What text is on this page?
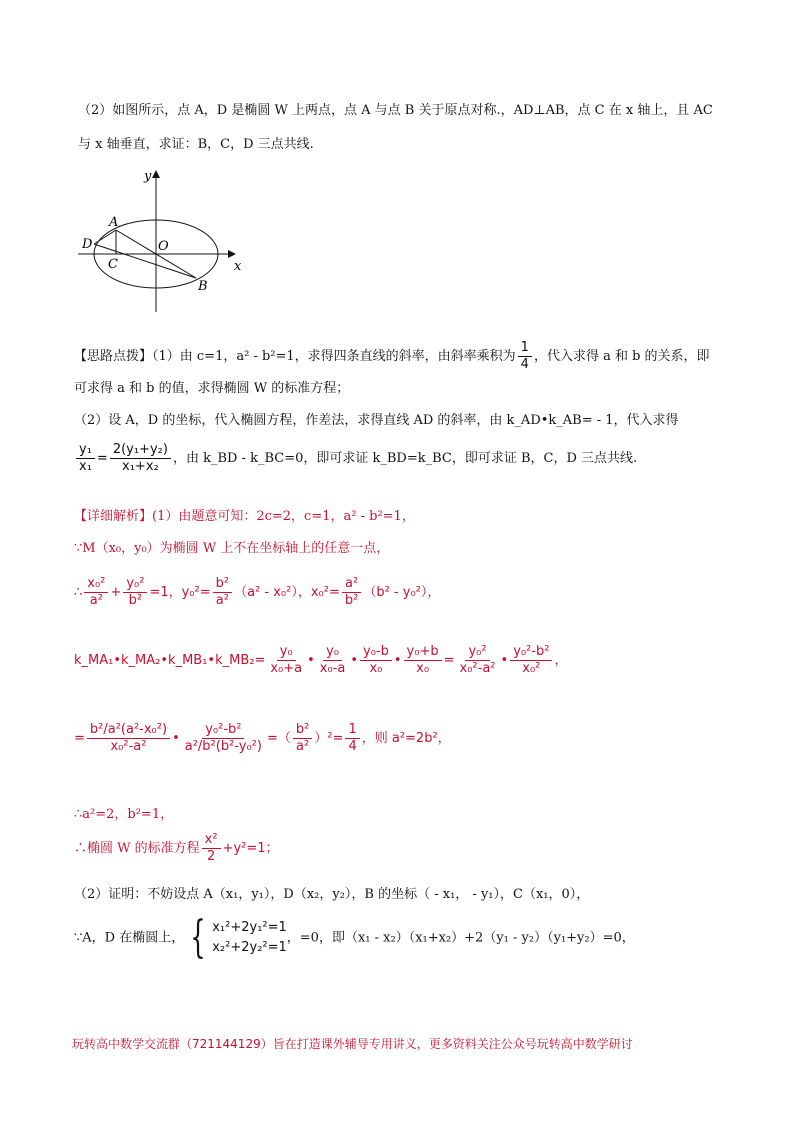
（2）如图所示，点 A，D 是椭圆 W 上两点，点 A 与点 B 关于原点对称.，AD⊥AB，点 C 在 x 轴上，且 AC
与 x 轴垂直，求证：B，C，D 三点共线.
y
x
A
D	O
C
B
【思路点拨】（1）由 c=1，a² - b²=1，求得四条直线的斜率，由斜率乘积为 $\frac{1}{4}$ ，代入求得 a 和 b 的关系，即
可求得 a 和 b 的值，求得椭圆 W 的标准方程；
（2）设 A，D 的坐标，代入椭圆方程，作差法，求得直线 AD 的斜率，由 k_AD•k_AB= - 1，代入求得
$\frac{\text{y₁}}{\text{x₁}} = \frac{\text{2(y₁+y₂)}}{\text{x₁+x₂}}$ ，由 k_BD - k_BC=0，即可求证 k_BD=k_BC，即可求证 B，C，D 三点共线.
【详细解析】(1）由题意可知：2c=2，c=1，a² - b²=1，
∵M（x₀，y₀）为椭圆 W 上不在坐标轴上的任意一点，
∴ $\frac{\text{x₀²}}{\text{a²}} + \frac{\text{y₀²}}{\text{b²}} =1$，$y_0^2= \frac{\text{b²}}{\text{a²}} (a^2 - x_0^2)$，$x_0^2= \frac{\text{a²}}{\text{b²}} (b^2 - y_0^2)$，
k_MA₁•k_MA₂•k_MB₁•k_MB₂= $\frac{\text{y₀}}{\text{x₀+a}}$ • $\frac{\text{y₀}}{\text{x₀-a}}$ • $\frac{\text{y₀-b}}{\text{x₀}}$ • $\frac{\text{y₀+b}}{\text{x₀}} = \frac{\text{y₀²}}{\text{x₀²-a²}}$ • $\frac{\text{y₀²-b²}}{\text{x₀²}}$ ，
= $\frac{\text{b²/a²(a²-x₀²)}}{\text{x₀²-a²}}$ • $\frac{\text{y₀²-b²}}{\text{a²/b²(b²-y₀²)}}$ =（ $\frac{\text{b²}}{\text{a²}} )^2= \frac{1}{4}$ ，则 a²=2b²，
∴a²=2，b²=1，
∴椭圆 W 的标准方程 $\frac{\text{x²}}{2} +y^2=1$；
（2）证明：不妨设点 A（x₁，y₁），D（x₂，y₂），B 的坐标（ - x₁， - y₁），C（x₁，0），
∵A，D 在椭圆上， { x₁²+2y₁²=1
x₂²+2y₂²=1
，=0，即（x₁ - x₂）（x₁+x₂）+2（y₁ - y₂）（y₁+y₂）=0，
玩转高中数学交流群（721144129）旨在打造课外辅导专用讲义，更多资料关注公众号玩转高中数学研讨
